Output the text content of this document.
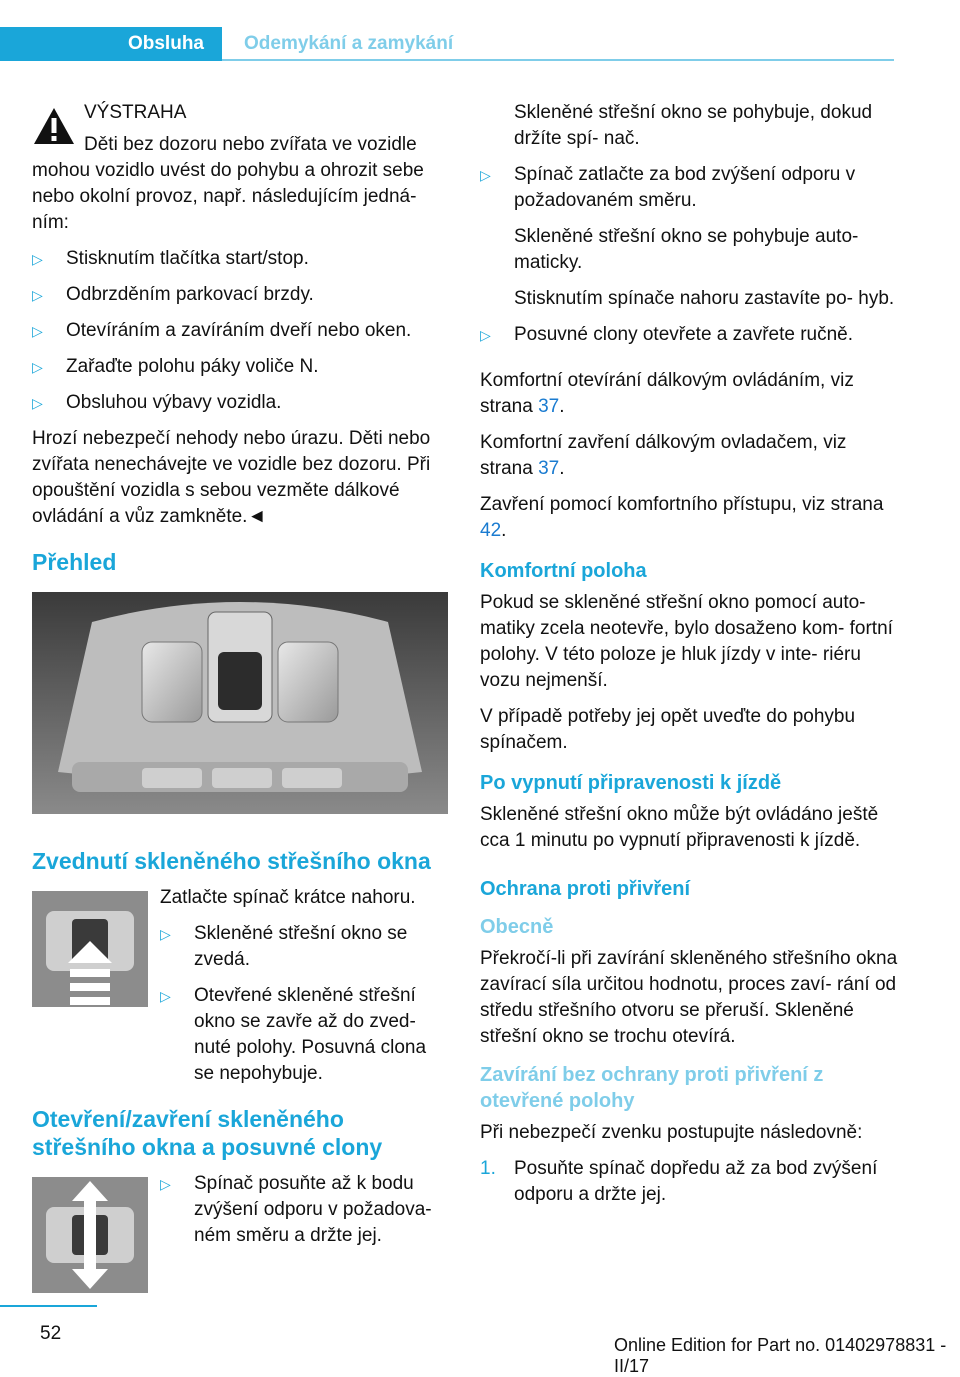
Obsluha	Odemykání a zamykání

VÝSTRAHA

Děti bez dozoru nebo zvířata ve vozidle mohou vozidlo uvést do pohybu a ohrozit sebe nebo okolní provoz, např. následujícím jedná- ním:

▷ Stisknutím tlačítka start/stop.
▷ Odbrzděním parkovací brzdy.
▷ Otevíráním a zavíráním dveří nebo oken.
▷ Zařaďte polohu páky voliče N.
▷ Obsluhou výbavy vozidla.

Hrozí nebezpečí nehody nebo úrazu. Děti nebo zvířata nenechávejte ve vozidle bez dozoru. Při opouštění vozidla s sebou vezměte dálkové ovládání a vůz zamkněte.◄

Přehled
Zvednutí skleněného střešního okna

Zatlačte spínač krátce nahoru.

▷ Skleněné střešní okno se zvedá.
▷ Otevřené skleněné střešní okno se zavře až do zved- nuté polohy. Posuvná clona se nepohybuje.
Otevření/zavření skleněného střešního okna a posuvné clony
▷ Spínač posuňte až k bodu zvýšení odporu v požadova- ném směru a držte jej.

Skleněné střešní okno se pohybuje, dokud držíte spí- nač.

▷ Spínač zatlačte za bod zvýšení odporu v požadovaném směru.

Skleněné střešní okno se pohybuje auto- maticky.

Stisknutím spínače nahoru zastavíte po- hyb.

▷ Posuvné clony otevřete a zavřete ručně.

Komfortní otevírání dálkovým ovládáním, viz strana 37.

Komfortní zavření dálkovým ovladačem, viz strana 37.

Zavření pomocí komfortního přístupu, viz strana 42.

Komfortní poloha

Pokud se skleněné střešní okno pomocí auto- matiky zcela neotevře, bylo dosaženo kom- fortní polohy. V této poloze je hluk jízdy v inte- riéru vozu nejmenší.

V případě potřeby jej opět uveďte do pohybu spínačem.

Po vypnutí připravenosti k jízdě

Skleněné střešní okno může být ovládáno ještě cca 1 minutu po vypnutí připravenosti k jízdě.

Ochrana proti přivření
Obecně

Překročí-li při zavírání skleněného střešního okna zavírací síla určitou hodnotu, proces zaví- rání od středu střešního otvoru se přeruší. Skleněné střešní okno se trochu otevírá.

Zavírání bez ochrany proti přivření z otevřené polohy

Při nebezpečí zvenku postupujte následovně:

1. Posuňte spínač dopředu až za bod zvýšení odporu a držte jej.
52
Online Edition for Part no. 01402978831 - II/17
